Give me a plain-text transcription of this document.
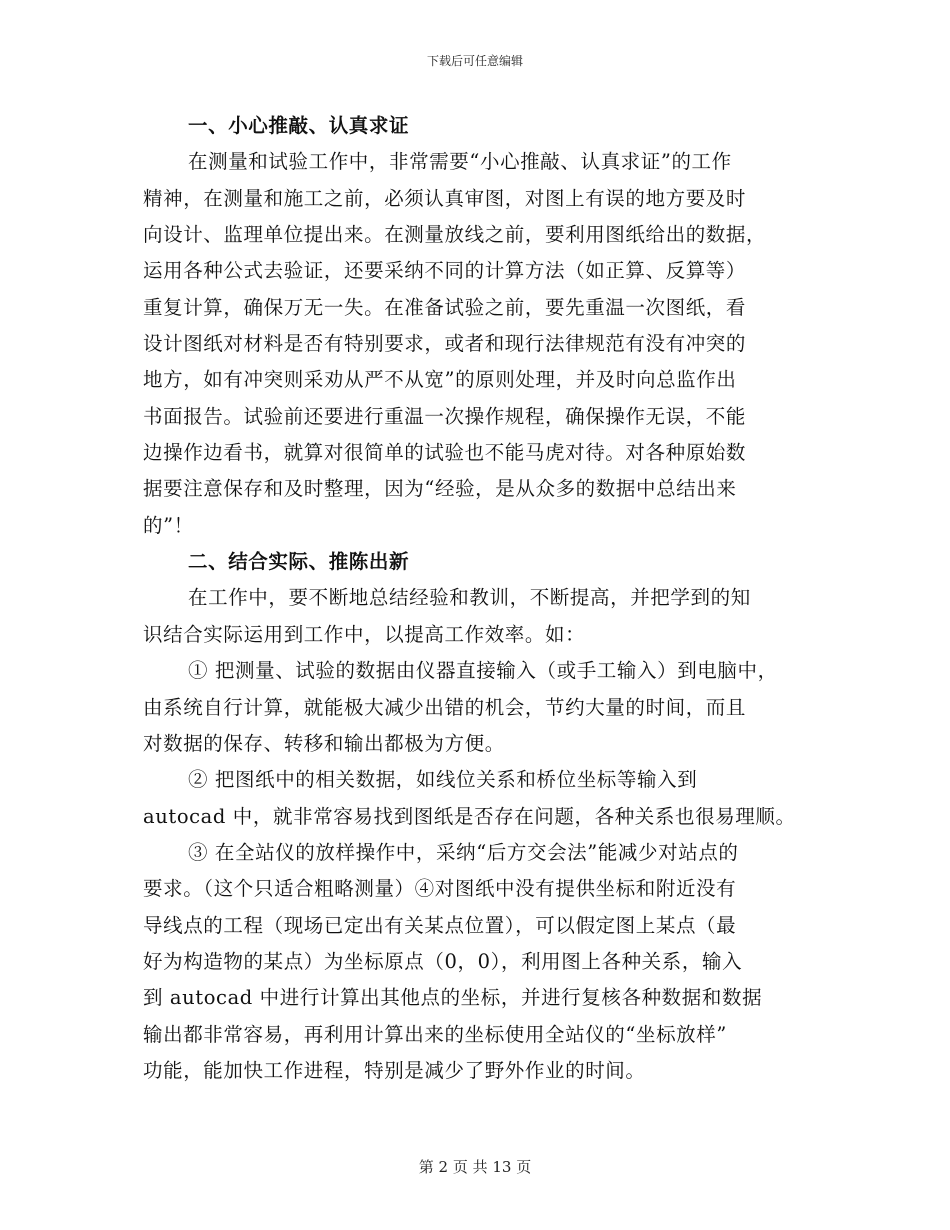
下载后可任意编辑
一、小心推敲、认真求证
在测量和试验工作中，非常需要“小心推敲、认真求证”的工作
精神，在测量和施工之前，必须认真审图，对图上有误的地方要及时
向设计、监理单位提出来。在测量放线之前，要利用图纸给出的数据，
运用各种公式去验证，还要采纳不同的计算方法（如正算、反算等）
重复计算，确保万无一失。在准备试验之前，要先重温一次图纸，看
设计图纸对材料是否有特别要求，或者和现行法律规范有没有冲突的
地方，如有冲突则采劝从严不从宽”的原则处理，并及时向总监作出
书面报告。试验前还要进行重温一次操作规程，确保操作无误，不能
边操作边看书，就算对很简单的试验也不能马虎对待。对各种原始数
据要注意保存和及时整理，因为“经验，是从众多的数据中总结出来
的”！
二、结合实际、推陈出新
在工作中，要不断地总结经验和教训，不断提高，并把学到的知
识结合实际运用到工作中，以提高工作效率。如：
① 把测量、试验的数据由仪器直接输入（或手工输入）到电脑中，
由系统自行计算，就能极大减少出错的机会，节约大量的时间，而且
对数据的保存、转移和输出都极为方便。
② 把图纸中的相关数据，如线位关系和桥位坐标等输入到
autocad 中，就非常容易找到图纸是否存在问题，各种关系也很易理顺。
③ 在全站仪的放样操作中，采纳“后方交会法”能减少对站点的
要求。（这个只适合粗略测量）④对图纸中没有提供坐标和附近没有
导线点的工程（现场已定出有关某点位置），可以假定图上某点（最
好为构造物的某点）为坐标原点（0，0），利用图上各种关系，输入
到 autocad 中进行计算出其他点的坐标，并进行复核各种数据和数据
输出都非常容易，再利用计算出来的坐标使用全站仪的“坐标放样”
功能，能加快工作进程，特别是减少了野外作业的时间。
第 2 页 共 13 页
